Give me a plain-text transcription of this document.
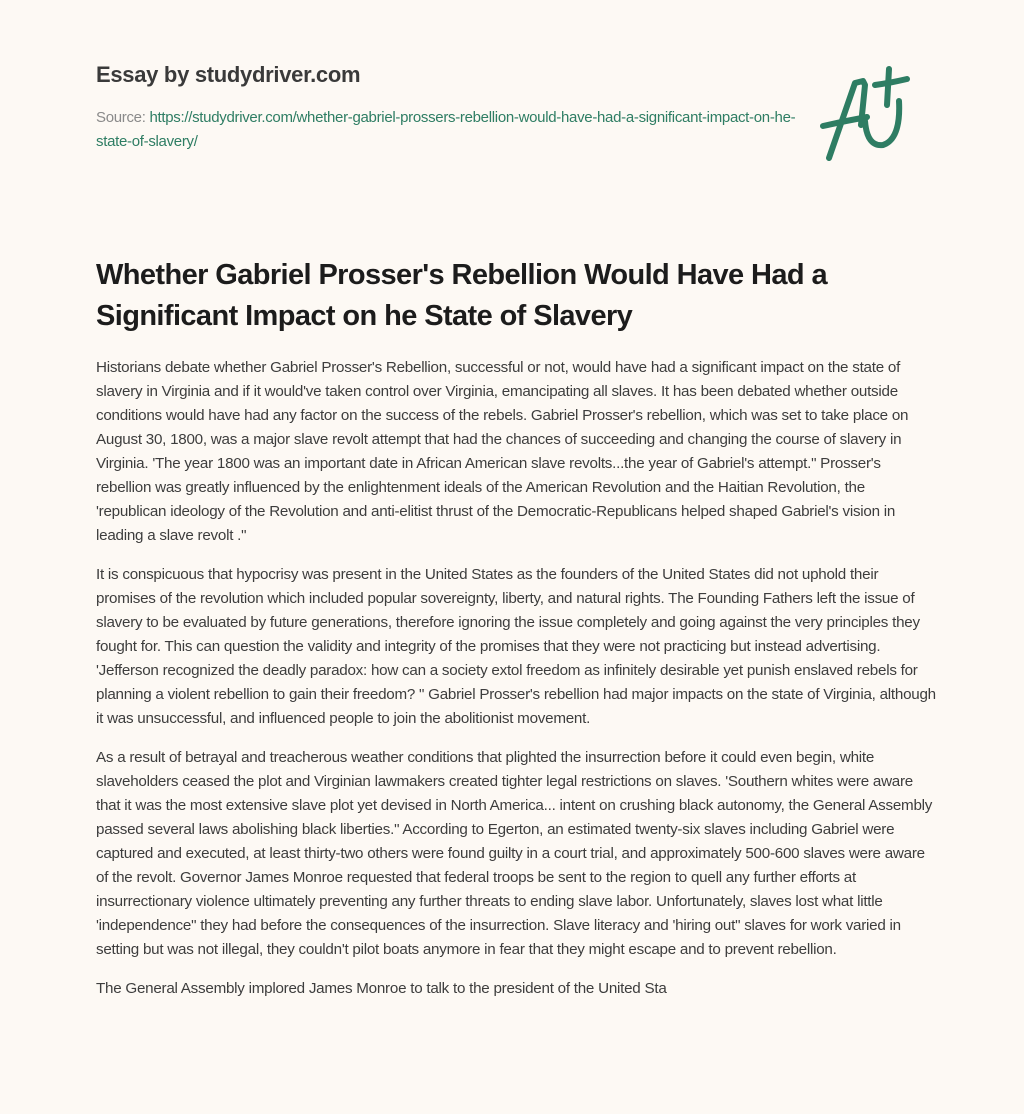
Essay by studydriver.com
Source: https://studydriver.com/whether-gabriel-prossers-rebellion-would-have-had-a-significant-impact-on-he-state-of-slavery/
Whether Gabriel Prosser's Rebellion Would Have Had a Significant Impact on he State of Slavery

Historians debate whether Gabriel Prosser's Rebellion, successful or not, would have had a significant impact on the state of slavery in Virginia and if it would've taken control over Virginia, emancipating all slaves. It has been debated whether outside conditions would have had any factor on the success of the rebels. Gabriel Prosser's rebellion, which was set to take place on August 30, 1800, was a major slave revolt attempt that had the chances of succeeding and changing the course of slavery in Virginia. 'The year 1800 was an important date in African American slave revolts...the year of Gabriel's attempt." Prosser's rebellion was greatly influenced by the enlightenment ideals of the American Revolution and the Haitian Revolution, the 'republican ideology of the Revolution and anti-elitist thrust of the Democratic-Republicans helped shaped Gabriel's vision in leading a slave revolt ."

It is conspicuous that hypocrisy was present in the United States as the founders of the United States did not uphold their promises of the revolution which included popular sovereignty, liberty, and natural rights. The Founding Fathers left the issue of slavery to be evaluated by future generations, therefore ignoring the issue completely and going against the very principles they fought for. This can question the validity and integrity of the promises that they were not practicing but instead advertising. 'Jefferson recognized the deadly paradox: how can a society extol freedom as infinitely desirable yet punish enslaved rebels for planning a violent rebellion to gain their freedom? " Gabriel Prosser's rebellion had major impacts on the state of Virginia, although it was unsuccessful, and influenced people to join the abolitionist movement.

As a result of betrayal and treacherous weather conditions that plighted the insurrection before it could even begin, white slaveholders ceased the plot and Virginian lawmakers created tighter legal restrictions on slaves. 'Southern whites were aware that it was the most extensive slave plot yet devised in North America... intent on crushing black autonomy, the General Assembly passed several laws abolishing black liberties." According to Egerton, an estimated twenty-six slaves including Gabriel were captured and executed, at least thirty-two others were found guilty in a court trial, and approximately 500-600 slaves were aware of the revolt. Governor James Monroe requested that federal troops be sent to the region to quell any further efforts at insurrectionary violence ultimately preventing any further threats to ending slave labor. Unfortunately, slaves lost what little 'independence" they had before the consequences of the insurrection. Slave literacy and 'hiring out" slaves for work varied in setting but was not illegal, they couldn't pilot boats anymore in fear that they might escape and to prevent rebellion.

The General Assembly implored James Monroe to talk to the president of the United Sta
